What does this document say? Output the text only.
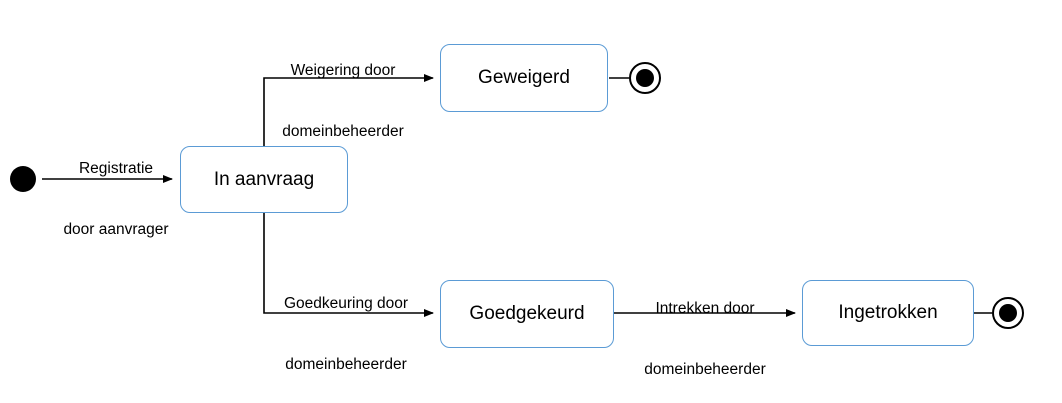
In aanvraag
Geweigerd
Goedgekeurd	Ingetrokken

Registratie

door aanvrager

Weigering door

domeinbeheerder

Goedkeuring door

domeinbeheerder

Intrekken door

domeinbeheerder
